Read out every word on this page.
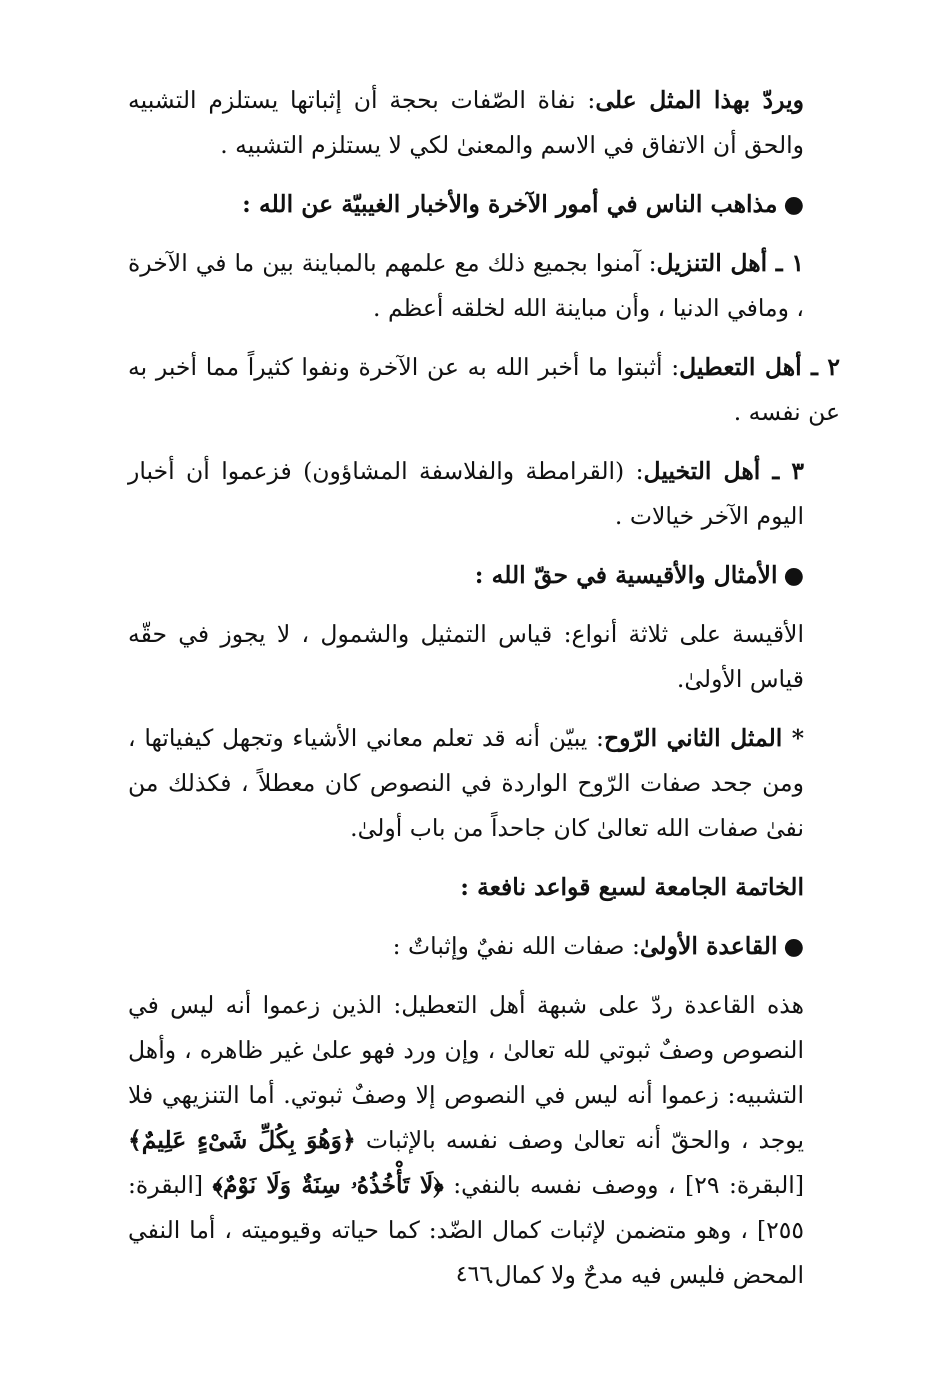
ويردّ بهذا المثل على: نفاة الصّفات بحجة أن إثباتها يستلزم التشبيه والحق أن الاتفاق في الاسم والمعنىٰ لكي لا يستلزم التشبيه .

●مذاهب الناس في أمور الآخرة والأخبار الغيبيّة عن الله :

١ ـ أهل التنزيل: آمنوا بجميع ذلك مع علمهم بالمباينة بين ما في الآخرة ، ومافي الدنيا ، وأن مباينة الله لخلقه أعظم .

٢ ـ أهل التعطيل: أثبتوا ما أخبر الله به عن الآخرة ونفوا كثيراً مما أخبر به عن نفسه .

٣ ـ أهل التخييل: (القرامطة والفلاسفة المشاؤون) فزعموا أن أخبار اليوم الآخر خيالات .

●الأمثال والأقيسية في حقّ الله :

الأقيسة على ثلاثة أنواع: قياس التمثيل والشمول ، لا يجوز في حقّه قياس الأولىٰ.

* المثل الثاني الرّوح: يبيّن أنه قد تعلم معاني الأشياء وتجهل كيفياتها ، ومن جحد صفات الرّوح الواردة في النصوص كان معطلاً ، فكذلك من نفىٰ صفات الله تعالىٰ كان جاحداً من باب أولىٰ.

الخاتمة الجامعة لسبع قواعد نافعة :

●القاعدة الأولىٰ: صفات الله نفيٌ وإثباتٌ :

هذه القاعدة ردّ على شبهة أهل التعطيل: الذين زعموا أنه ليس في النصوص وصفٌ ثبوتي لله تعالىٰ ، وإن ورد فهو علىٰ غير ظاهره ، وأهل التشبيه: زعموا أنه ليس في النصوص إلا وصفٌ ثبوتي. أما التنزيهي فلا يوجد ، والحقّ أنه تعالىٰ وصف نفسه بالإثبات ﴿وَهُوَ بِكُلِّ شَىْءٍ عَلِيمٌ﴾ [البقرة: ٢٩] ، ووصف نفسه بالنفي: ﴿لَا تَأْخُذُهُۥ سِنَةٌ وَلَا نَوْمٌ﴾ [البقرة: ٢٥٥] ، وهو متضمن لإثبات كمال الضّد: كما حياته وقيوميته ، أما النفي المحض فليس فيه مدحٌ ولا كمال.

٤٦٦
